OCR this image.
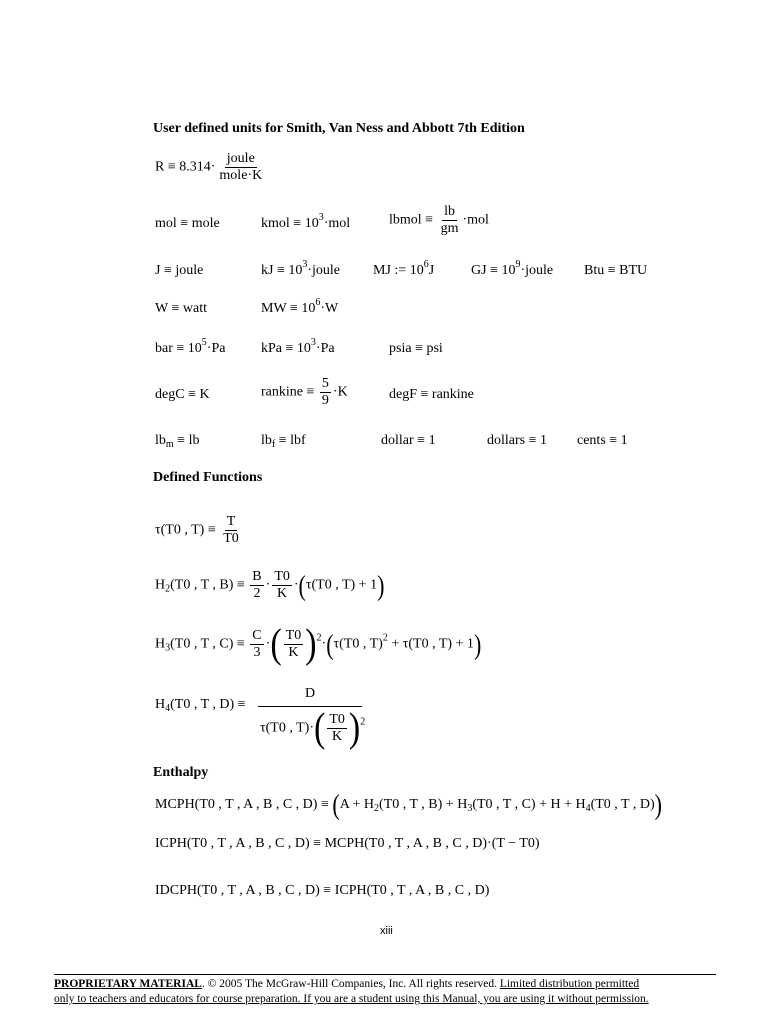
User defined units for Smith, Van Ness and Abbott 7th Edition
$R \equiv 8.314\cdot \frac{\text{joule}}{\text{mole·K}}$
mol ≡ mole	kmol ≡ $10^3\cdot mol$	lbmol ≡ $\frac{lb}{gm} \cdot mol$
J ≡ joule	kJ ≡ $10^3\cdot joule$ MJ := $10^6J$	GJ ≡ $10^9\cdot joule$ Btu ≡ BTU
W ≡ watt	MW ≡ $10^6\cdot W$
bar ≡ $10^5\cdot Pa$	kPa ≡ $10^3\cdot Pa$	psia ≡ psi
degC ≡ K	rankine ≡ $\frac{5}{9} \cdot K$	degF ≡ rankine
$lb_m$ ≡ lb	$lb_f$ ≡ lbf	dollar ≡ 1	dollars ≡ 1 cents ≡ 1
Defined Functions
τ(T0 , $T) \equiv \frac{T}{T0}$
$H_2(T0$ , T , $B) \equiv \frac{B}{2} \cdot \frac{T0}{K} \cdot(\tau(T0$ , T) + 1)
$H_3(T0$ , T , $C) \equiv \frac{C}{3}$ ·( $\frac{T0}{K} )^2\cdot(\tau(T0$ , T)$^2$ + τ(T0 , T) + 1)
$H_4(T0$ , T , D) ≡
D
τ(T0 , $T)\cdot( \frac{T0}{K} )^2$
Enthalpy
MCPH(T0 , T , A , B , C , $D) \equiv (A + H_2(T0$ , T , $B) + H_3(T0$ , T , $C) + H + H_4(T0$ , T , D))
ICPH(T0 , T , A , B , C , D) ≡ MCPH(T0 , T , A , B , C , D)·(T − T0)
IDCPH(T0 , T , A , B , C , D) ≡ ICPH(T0 , T , A , B , C , D)
xiii
PROPRIETARY MATERIAL. © 2005 The McGraw-Hill Companies, Inc. All rights reserved. Limited distribution permitted
only to teachers and educators for course preparation. If you are a student using this Manual, you are using it without permission.
